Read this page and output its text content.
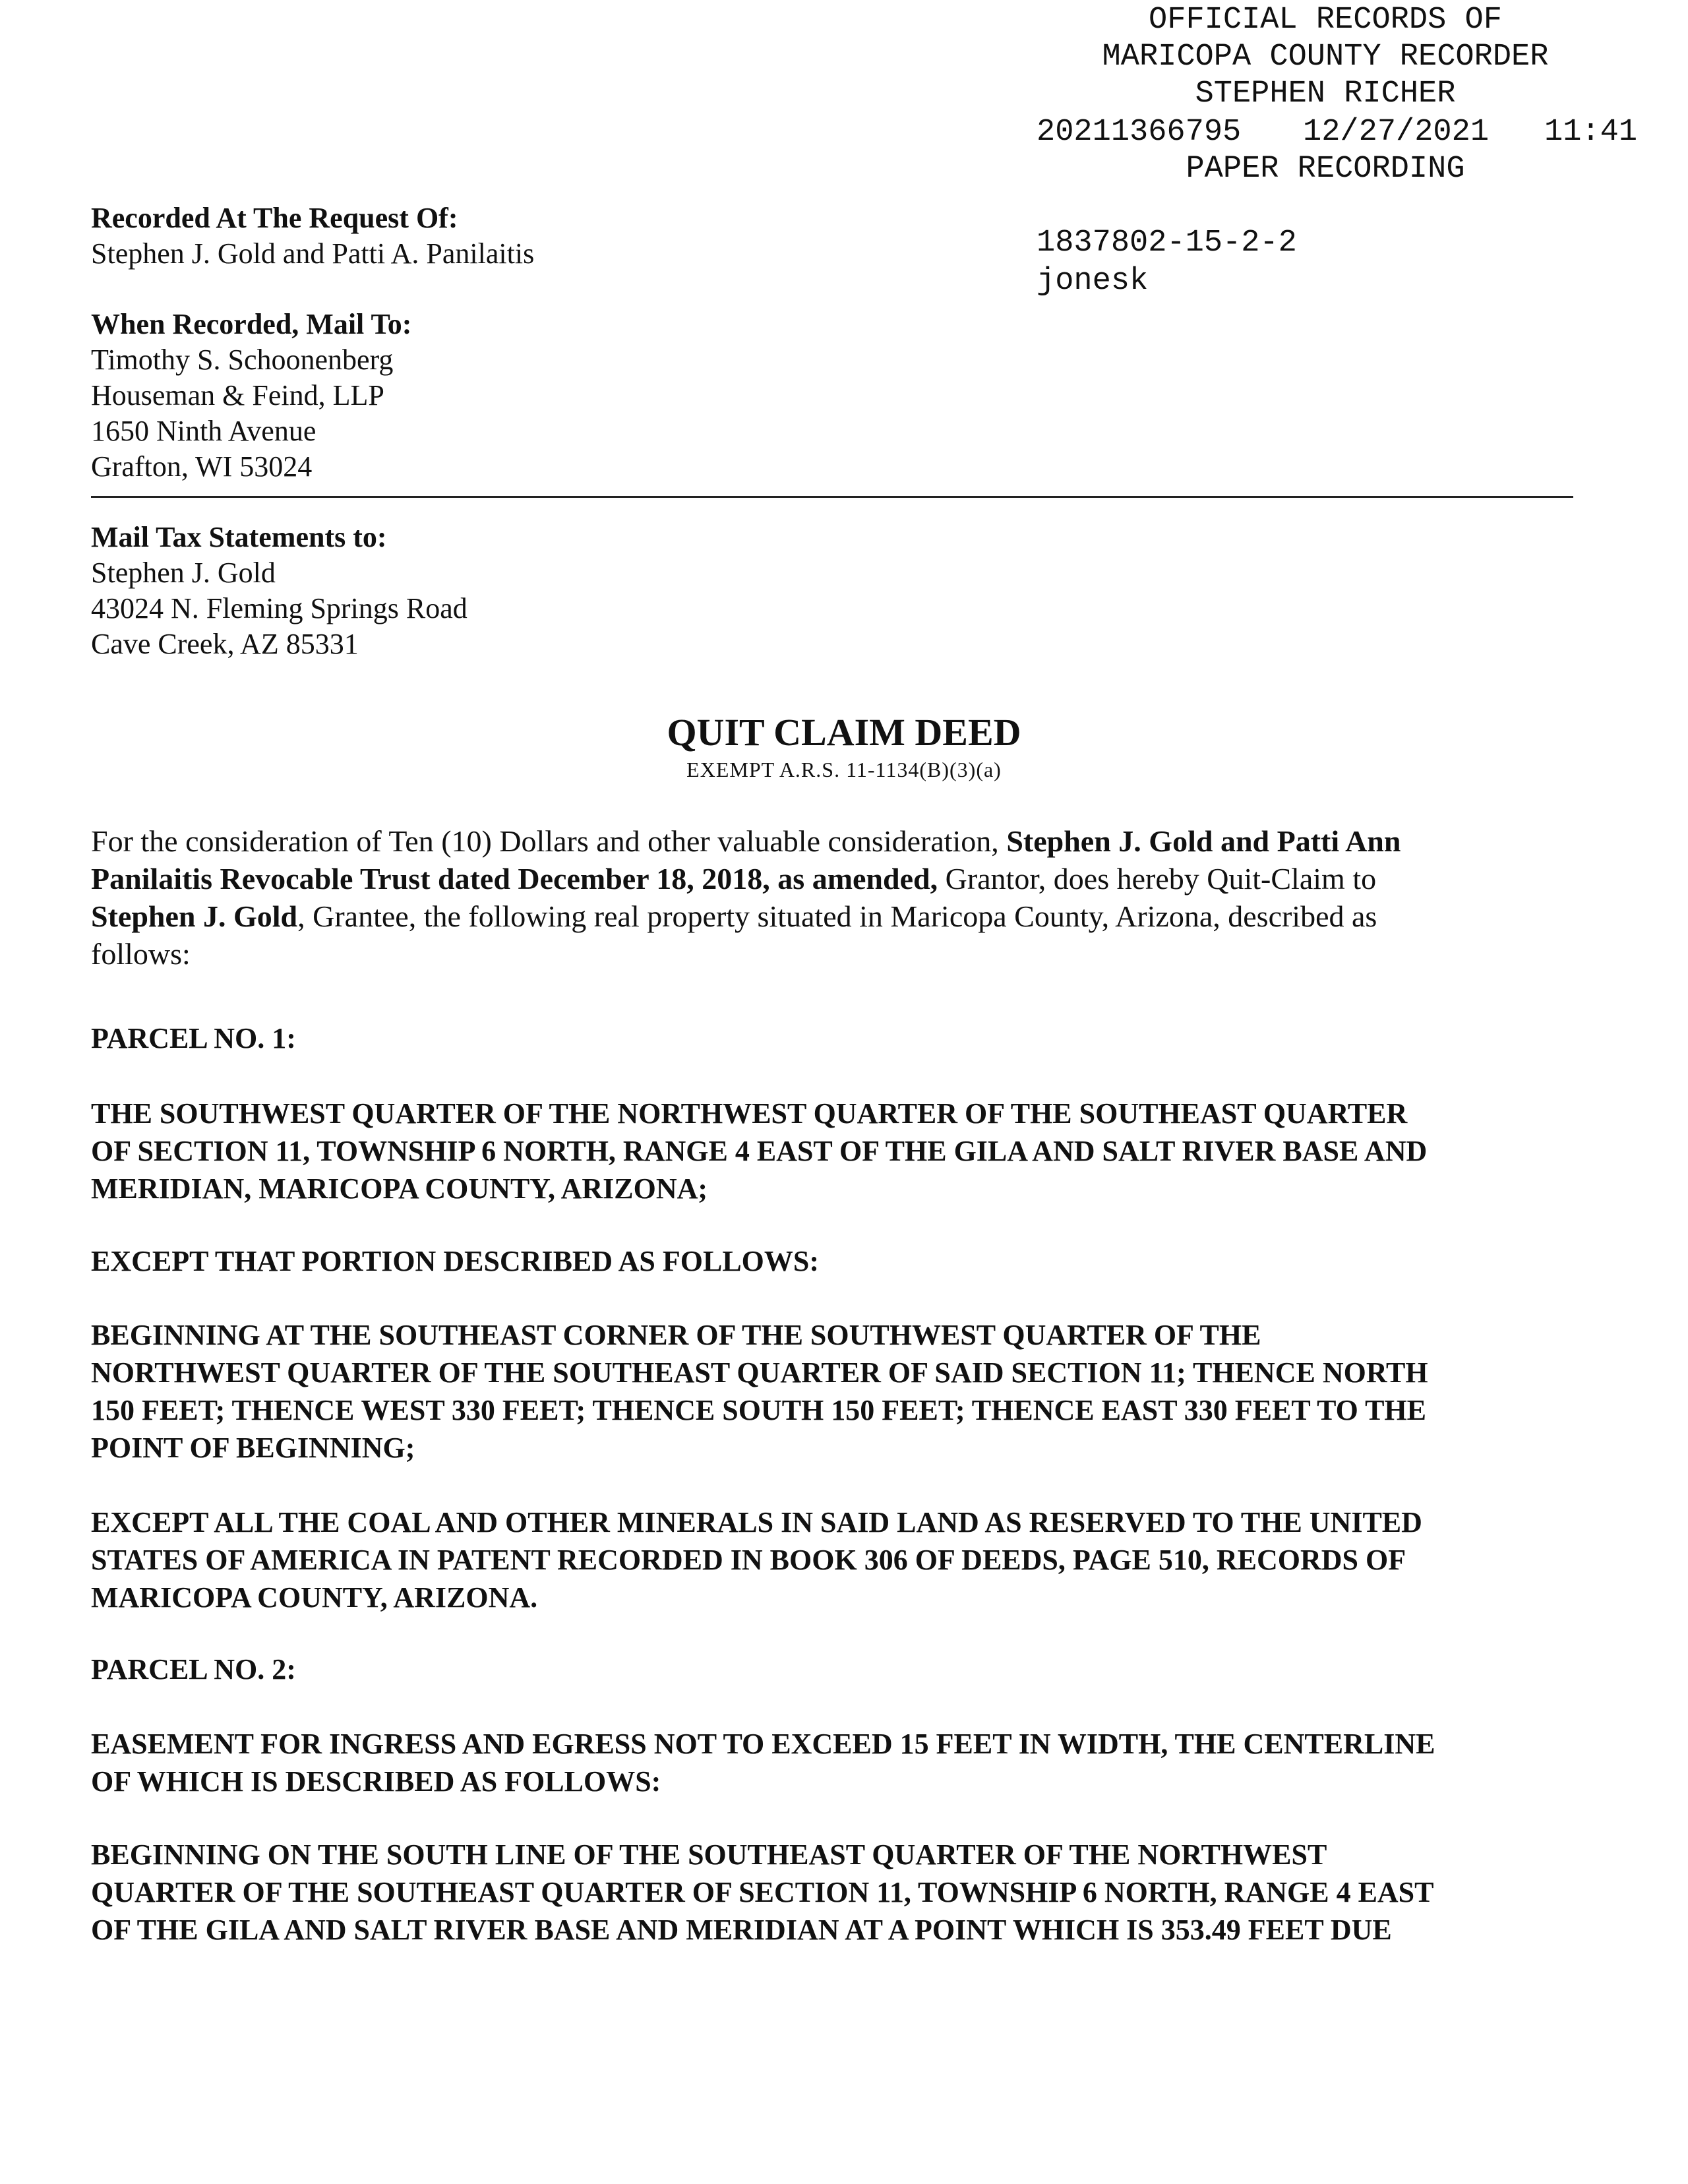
OFFICIAL RECORDS OF
MARICOPA COUNTY RECORDER
STEPHEN RICHER
20211366795 12/27/2021 11:41
PAPER RECORDING
1837802-15-2-2
jonesk
Recorded At The Request Of:
Stephen J. Gold and Patti A. Panilaitis
When Recorded, Mail To:
Timothy S. Schoonenberg
Houseman & Feind, LLP
1650 Ninth Avenue
Grafton, WI 53024
Mail Tax Statements to:
Stephen J. Gold
43024 N. Fleming Springs Road
Cave Creek, AZ 85331
QUIT CLAIM DEED
EXEMPT A.R.S. 11-1134(B)(3)(a)
For the consideration of Ten (10) Dollars and other valuable consideration, Stephen J. Gold and Patti Ann
Panilaitis Revocable Trust dated December 18, 2018, as amended, Grantor, does hereby Quit-Claim to
Stephen J. Gold, Grantee, the following real property situated in Maricopa County, Arizona, described as
follows:
PARCEL NO. 1:
THE SOUTHWEST QUARTER OF THE NORTHWEST QUARTER OF THE SOUTHEAST QUARTER
OF SECTION 11, TOWNSHIP 6 NORTH, RANGE 4 EAST OF THE GILA AND SALT RIVER BASE AND
MERIDIAN, MARICOPA COUNTY, ARIZONA;
EXCEPT THAT PORTION DESCRIBED AS FOLLOWS:
BEGINNING AT THE SOUTHEAST CORNER OF THE SOUTHWEST QUARTER OF THE
NORTHWEST QUARTER OF THE SOUTHEAST QUARTER OF SAID SECTION 11; THENCE NORTH
150 FEET; THENCE WEST 330 FEET; THENCE SOUTH 150 FEET; THENCE EAST 330 FEET TO THE
POINT OF BEGINNING;
EXCEPT ALL THE COAL AND OTHER MINERALS IN SAID LAND AS RESERVED TO THE UNITED
STATES OF AMERICA IN PATENT RECORDED IN BOOK 306 OF DEEDS, PAGE 510, RECORDS OF
MARICOPA COUNTY, ARIZONA.
PARCEL NO. 2:
EASEMENT FOR INGRESS AND EGRESS NOT TO EXCEED 15 FEET IN WIDTH, THE CENTERLINE
OF WHICH IS DESCRIBED AS FOLLOWS:
BEGINNING ON THE SOUTH LINE OF THE SOUTHEAST QUARTER OF THE NORTHWEST
QUARTER OF THE SOUTHEAST QUARTER OF SECTION 11, TOWNSHIP 6 NORTH, RANGE 4 EAST
OF THE GILA AND SALT RIVER BASE AND MERIDIAN AT A POINT WHICH IS 353.49 FEET DUE
